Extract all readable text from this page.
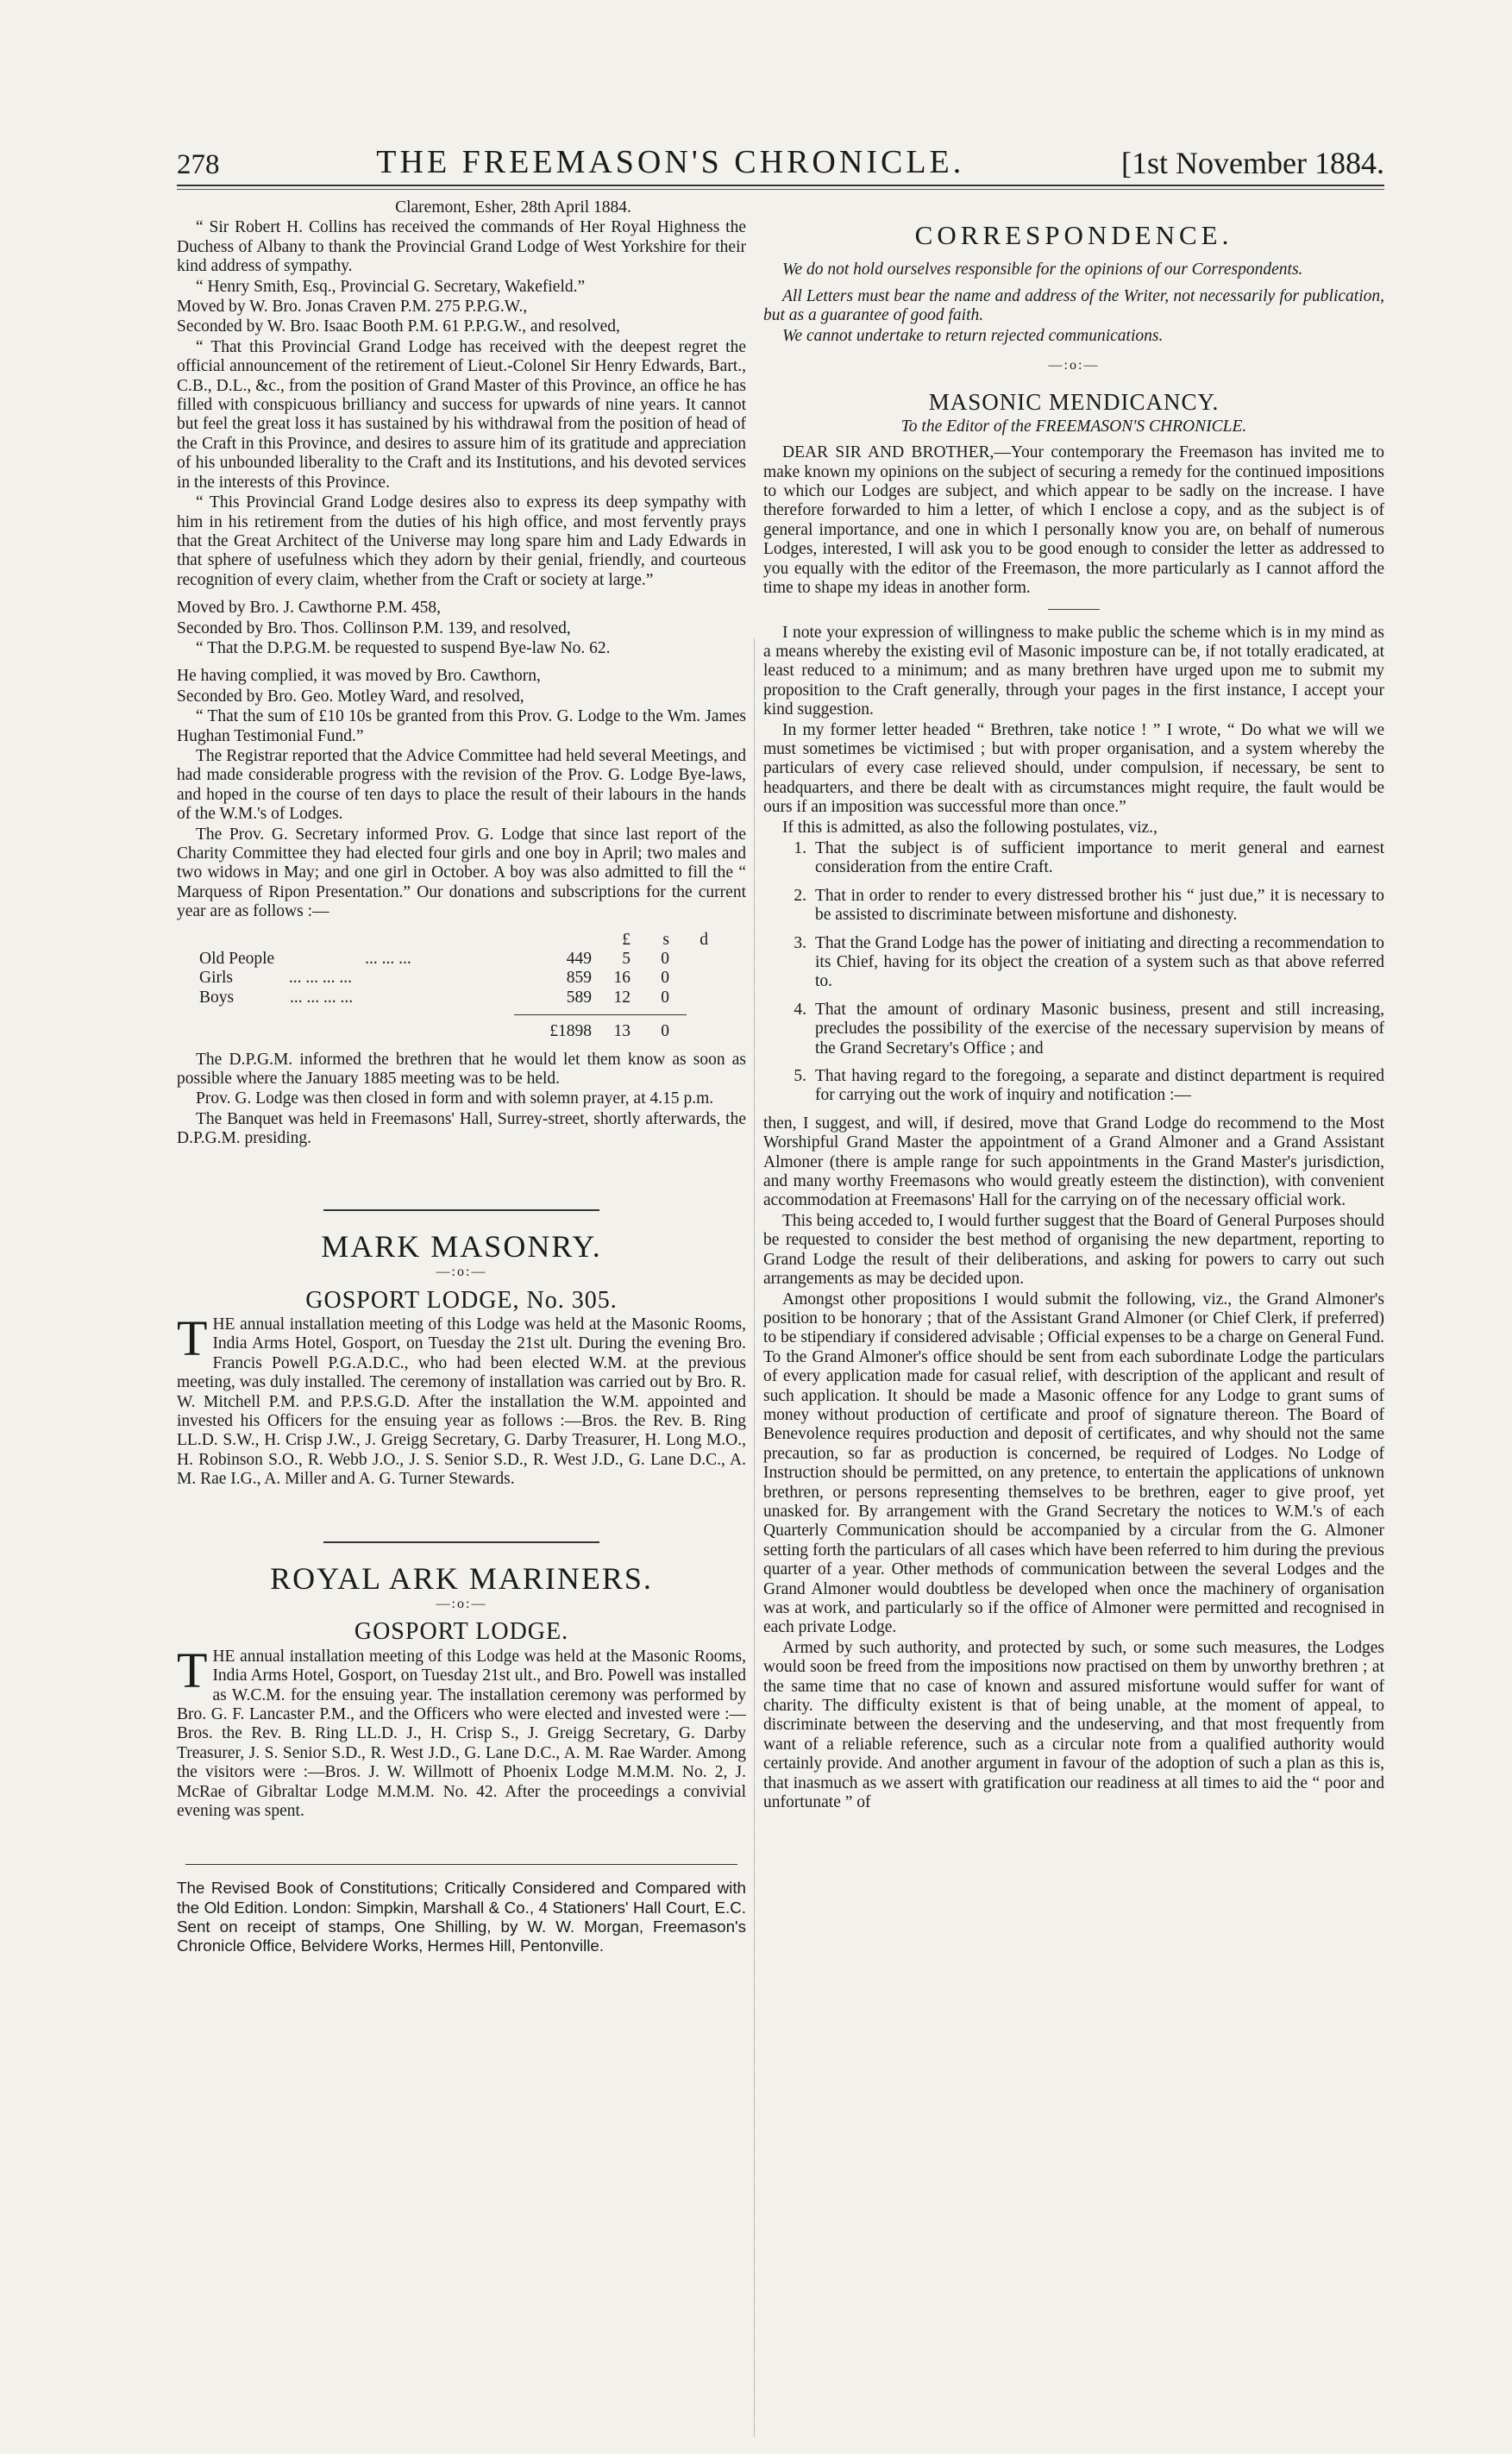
278	THE FREEMASON'S CHRONICLE.	[1st November 1884.

Claremont, Esher, 28th April 1884.

“ Sir Robert H. Collins has received the commands of Her Royal Highness the Duchess of Albany to thank the Provincial Grand Lodge of West Yorkshire for their kind address of sympathy.

“ Henry Smith, Esq., Provincial G. Secretary, Wakefield.”

Moved by W. Bro. Jonas Craven P.M. 275 P.P.G.W.,

Seconded by W. Bro. Isaac Booth P.M. 61 P.P.G.W., and resolved,

“ That this Provincial Grand Lodge has received with the deepest regret the official announcement of the retirement of Lieut.-Colonel Sir Henry Edwards, Bart., C.B., D.L., &c., from the position of Grand Master of this Province, an office he has filled with conspicuous brilliancy and success for upwards of nine years. It cannot but feel the great loss it has sustained by his withdrawal from the position of head of the Craft in this Province, and desires to assure him of its gratitude and appreciation of his unbounded liberality to the Craft and its Institutions, and his devoted services in the interests of this Province.

“ This Provincial Grand Lodge desires also to express its deep sympathy with him in his retirement from the duties of his high office, and most fervently prays that the Great Architect of the Universe may long spare him and Lady Edwards in that sphere of usefulness which they adorn by their genial, friendly, and courteous recognition of every claim, whether from the Craft or society at large.”

Moved by Bro. J. Cawthorne P.M. 458,

Seconded by Bro. Thos. Collinson P.M. 139, and resolved,

“ That the D.P.G.M. be requested to suspend Bye-law No. 62.

He having complied, it was moved by Bro. Cawthorn,

Seconded by Bro. Geo. Motley Ward, and resolved,

“ That the sum of £10 10s be granted from this Prov. G. Lodge to the Wm. James Hughan Testimonial Fund.”

The Registrar reported that the Advice Committee had held several Meetings, and had made considerable progress with the revision of the Prov. G. Lodge Bye-laws, and hoped in the course of ten days to place the result of their labours in the hands of the W.M.'s of Lodges.

The Prov. G. Secretary informed Prov. G. Lodge that since last report of the Charity Committee they had elected four girls and one boy in April; two males and two widows in May; and one girl in October. A boy was also admitted to fill the “ Marquess of Ripon Presentation.” Our donations and subscriptions for the current year are as follows :—

£	s	d
Old People	... ... ...	449	5	0
Girls	... ... ... ...	859	16	0
Boys	... ... ... ...	589	12	0
£1898	13	0

The D.P.G.M. informed the brethren that he would let them know as soon as possible where the January 1885 meeting was to be held.

Prov. G. Lodge was then closed in form and with solemn prayer, at 4.15 p.m.

The Banquet was held in Freemasons' Hall, Surrey-street, shortly afterwards, the D.P.G.M. presiding.

MARK MASONRY.
—:o:—
GOSPORT LODGE, No. 305.

THE annual installation meeting of this Lodge was held at the Masonic Rooms, India Arms Hotel, Gosport, on Tuesday the 21st ult. During the evening Bro. Francis Powell P.G.A.D.C., who had been elected W.M. at the previous meeting, was duly installed. The ceremony of installation was carried out by Bro. R. W. Mitchell P.M. and P.P.S.G.D. After the installation the W.M. appointed and invested his Officers for the ensuing year as follows :—Bros. the Rev. B. Ring LL.D. S.W., H. Crisp J.W., J. Greigg Secretary, G. Darby Treasurer, H. Long M.O., H. Robinson S.O., R. Webb J.O., J. S. Senior S.D., R. West J.D., G. Lane D.C., A. M. Rae I.G., A. Miller and A. G. Turner Stewards.

ROYAL ARK MARINERS.
—:o:—
GOSPORT LODGE.

THE annual installation meeting of this Lodge was held at the Masonic Rooms, India Arms Hotel, Gosport, on Tuesday 21st ult., and Bro. Powell was installed as W.C.M. for the ensuing year. The installation ceremony was performed by Bro. G. F. Lancaster P.M., and the Officers who were elected and invested were :—Bros. the Rev. B. Ring LL.D. J., H. Crisp S., J. Greigg Secretary, G. Darby Treasurer, J. S. Senior S.D., R. West J.D., G. Lane D.C., A. M. Rae Warder. Among the visitors were :—Bros. J. W. Willmott of Phoenix Lodge M.M.M. No. 2, J. McRae of Gibraltar Lodge M.M.M. No. 42. After the proceedings a convivial evening was spent.

The Revised Book of Constitutions; Critically Considered and Compared with the Old Edition. London: Simpkin, Marshall & Co., 4 Stationers' Hall Court, E.C. Sent on receipt of stamps, One Shilling, by W. W. Morgan, Freemason's Chronicle Office, Belvidere Works, Hermes Hill, Pentonville.

CORRESPONDENCE.

We do not hold ourselves responsible for the opinions of our Correspondents.

All Letters must bear the name and address of the Writer, not necessarily for publication, but as a guarantee of good faith.

We cannot undertake to return rejected communications.

—:o:—
MASONIC MENDICANCY.

To the Editor of the FREEMASON'S CHRONICLE.

DEAR SIR AND BROTHER,—Your contemporary the Freemason has invited me to make known my opinions on the subject of securing a remedy for the continued impositions to which our Lodges are subject, and which appear to be sadly on the increase. I have therefore forwarded to him a letter, of which I enclose a copy, and as the subject is of general importance, and one in which I personally know you are, on behalf of numerous Lodges, interested, I will ask you to be good enough to consider the letter as addressed to you equally with the editor of the Freemason, the more particularly as I cannot afford the time to shape my ideas in another form.

I note your expression of willingness to make public the scheme which is in my mind as a means whereby the existing evil of Masonic imposture can be, if not totally eradicated, at least reduced to a minimum; and as many brethren have urged upon me to submit my proposition to the Craft generally, through your pages in the first instance, I accept your kind suggestion.

In my former letter headed “ Brethren, take notice ! ” I wrote, “ Do what we will we must sometimes be victimised ; but with proper organisation, and a system whereby the particulars of every case relieved should, under compulsion, if necessary, be sent to headquarters, and there be dealt with as circumstances might require, the fault would be ours if an imposition was successful more than once.”

If this is admitted, as also the following postulates, viz.,

1. That the subject is of sufficient importance to merit general and earnest consideration from the entire Craft.
2. That in order to render to every distressed brother his “ just due,” it is necessary to be assisted to discriminate between misfortune and dishonesty.
3. That the Grand Lodge has the power of initiating and directing a recommendation to its Chief, having for its object the creation of a system such as that above referred to.
4. That the amount of ordinary Masonic business, present and still increasing, precludes the possibility of the exercise of the necessary supervision by means of the Grand Secretary's Office ; and
5. That having regard to the foregoing, a separate and distinct department is required for carrying out the work of inquiry and notification :—

then, I suggest, and will, if desired, move that Grand Lodge do recommend to the Most Worshipful Grand Master the appointment of a Grand Almoner and a Grand Assistant Almoner (there is ample range for such appointments in the Grand Master's jurisdiction, and many worthy Freemasons who would greatly esteem the distinction), with convenient accommodation at Freemasons' Hall for the carrying on of the necessary official work.

This being acceded to, I would further suggest that the Board of General Purposes should be requested to consider the best method of organising the new department, reporting to Grand Lodge the result of their deliberations, and asking for powers to carry out such arrangements as may be decided upon.

Amongst other propositions I would submit the following, viz., the Grand Almoner's position to be honorary ; that of the Assistant Grand Almoner (or Chief Clerk, if preferred) to be stipendiary if considered advisable ; Official expenses to be a charge on General Fund. To the Grand Almoner's office should be sent from each subordinate Lodge the particulars of every application made for casual relief, with description of the applicant and result of such application. It should be made a Masonic offence for any Lodge to grant sums of money without production of certificate and proof of signature thereon. The Board of Benevolence requires production and deposit of certificates, and why should not the same precaution, so far as production is concerned, be required of Lodges. No Lodge of Instruction should be permitted, on any pretence, to entertain the applications of unknown brethren, or persons representing themselves to be brethren, eager to give proof, yet unasked for. By arrangement with the Grand Secretary the notices to W.M.'s of each Quarterly Communication should be accompanied by a circular from the G. Almoner setting forth the particulars of all cases which have been referred to him during the previous quarter of a year. Other methods of communication between the several Lodges and the Grand Almoner would doubtless be developed when once the machinery of organisation was at work, and particularly so if the office of Almoner were permitted and recognised in each private Lodge.

Armed by such authority, and protected by such, or some such measures, the Lodges would soon be freed from the impositions now practised on them by unworthy brethren ; at the same time that no case of known and assured misfortune would suffer for want of charity. The difficulty existent is that of being unable, at the moment of appeal, to discriminate between the deserving and the undeserving, and that most frequently from want of a reliable reference, such as a circular note from a qualified authority would certainly provide. And another argument in favour of the adoption of such a plan as this is, that inasmuch as we assert with gratification our readiness at all times to aid the “ poor and unfortunate ” of
